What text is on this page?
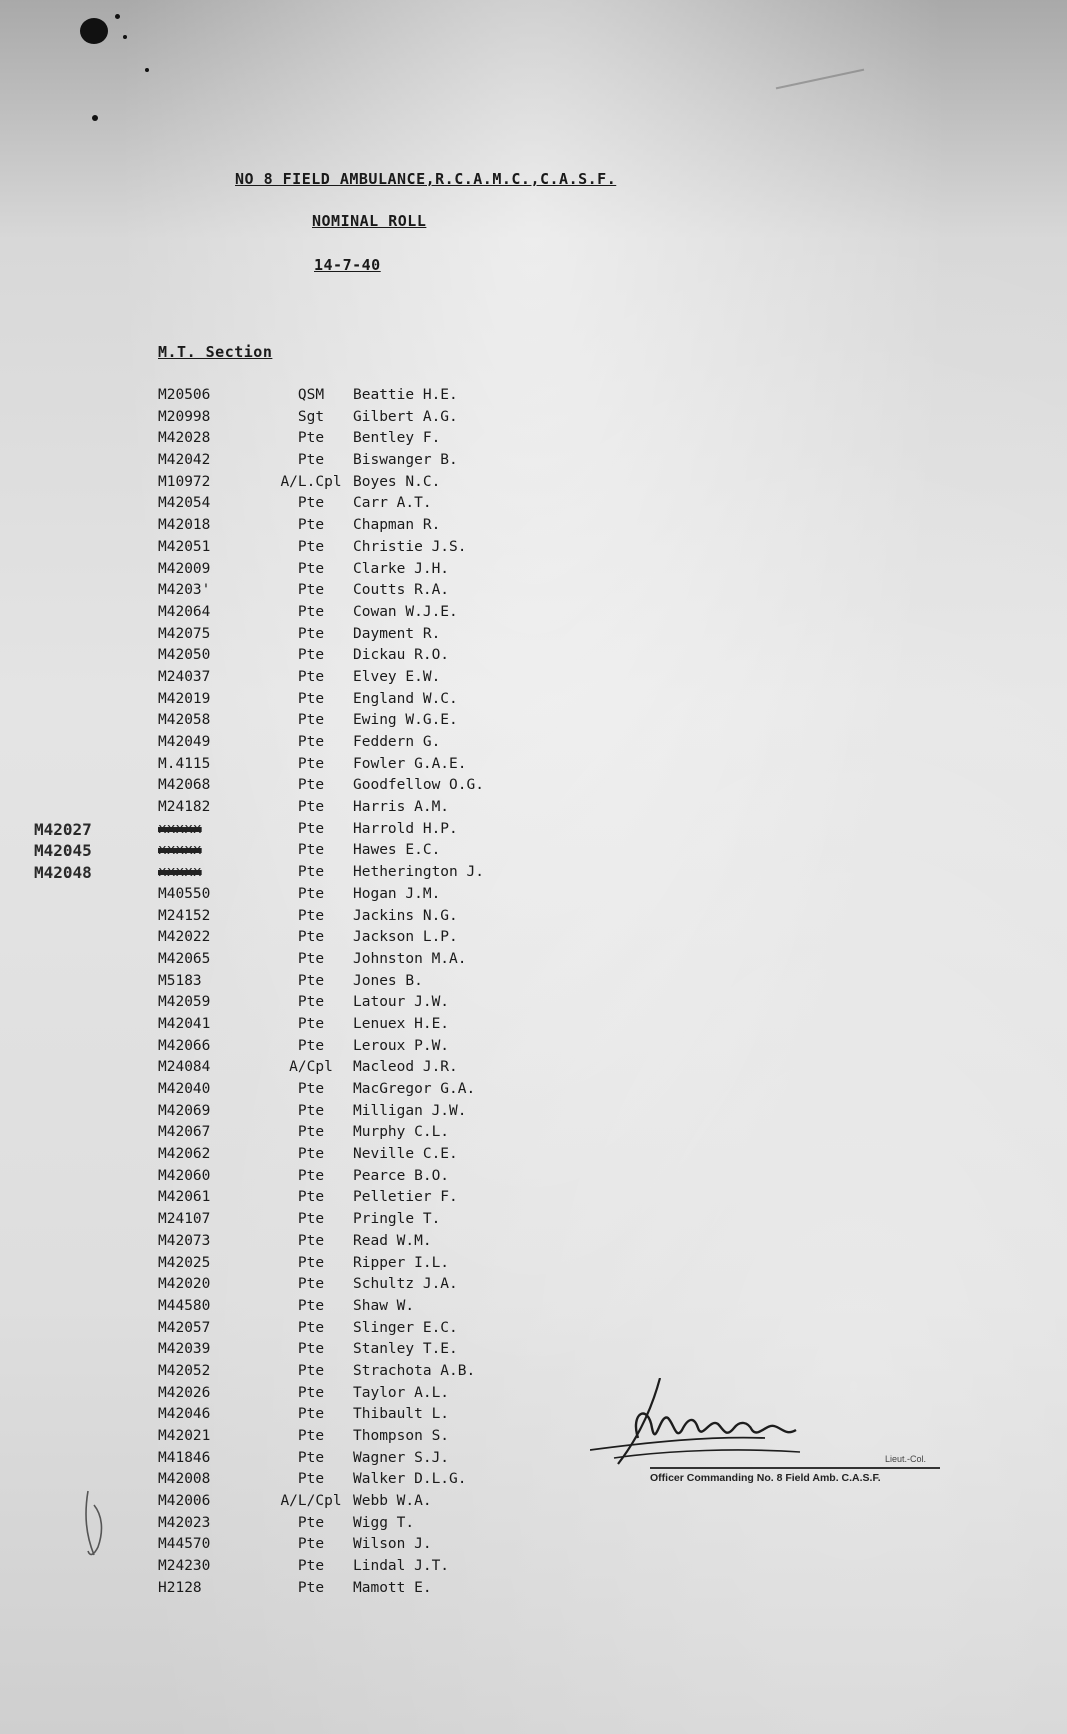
NO 8 FIELD AMBULANCE,R.C.A.M.C.,C.A.S.F.
NOMINAL ROLL
14-7-40
M.T. Section
M20506	QSM	Beattie H.E.
M20998	Sgt	Gilbert A.G.
M42028	Pte	Bentley F.
M42042	Pte	Biswanger B.
M10972	A/L.Cpl Boyes N.C.
M42054	Pte	Carr A.T.
M42018	Pte	Chapman R.
M42051	Pte	Christie J.S.
M42009	Pte	Clarke J.H.
M4203'	Pte	Coutts R.A.
M42064	Pte	Cowan W.J.E.
M42075	Pte	Dayment R.
M42050	Pte	Dickau R.O.
M24037	Pte	Elvey E.W.
M42019	Pte	England W.C.
M42058	Pte	Ewing W.G.E.
M42049	Pte	Feddern G.
M.4115	Pte	Fowler G.A.E.
M42068	Pte	Goodfellow O.G.
M24182	Pte	Harris A.M.
M42027	xxxxx	Pte	Harrold H.P.
M42045	xxxxx	Pte	Hawes E.C.
M42048	xxxxx	Pte	Hetherington J.
M40550	Pte	Hogan J.M.
M24152	Pte	Jackins N.G.
M42022	Pte	Jackson L.P.
M42065	Pte	Johnston M.A.
M5183	Pte	Jones B.
M42059	Pte	Latour J.W.
M42041	Pte	Lenuex H.E.
M42066	Pte	Leroux P.W.
M24084	A/Cpl	Macleod J.R.
M42040	Pte	MacGregor G.A.
M42069	Pte	Milligan J.W.
M42067	Pte	Murphy C.L.
M42062	Pte	Neville C.E.
M42060	Pte	Pearce B.O.
M42061	Pte	Pelletier F.
M24107	Pte	Pringle T.
M42073	Pte	Read W.M.
M42025	Pte	Ripper I.L.
M42020	Pte	Schultz J.A.
M44580	Pte	Shaw W.
M42057	Pte	Slinger E.C.
M42039	Pte	Stanley T.E.
M42052	Pte	Strachota A.B.
M42026	Pte	Taylor A.L.
M42046	Pte	Thibault L.
M42021	Pte	Thompson S.
M41846	Pte	Wagner S.J.
M42008	Pte	Walker D.L.G.
M42006	A/L/Cpl Webb W.A.
M42023	Pte	Wigg T.
M44570	Pte	Wilson J.
M24230	Pte	Lindal J.T.
H2128	Pte	Mamott E.
Lieut.-Col.
Officer Commanding No. 8 Field Amb. C.A.S.F.
